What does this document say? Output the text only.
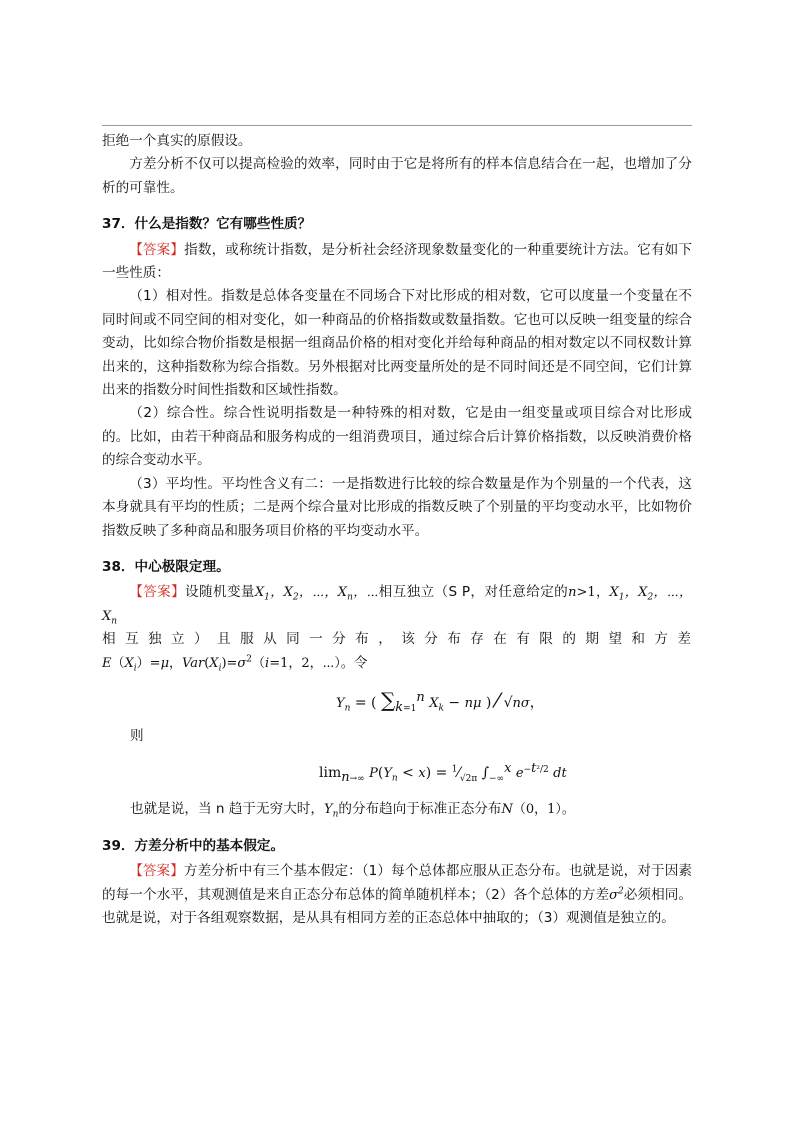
拒绝一个真实的原假设。

方差分析不仅可以提高检验的效率，同时由于它是将所有的样本信息结合在一起，也增加了分析的可靠性。

37．什么是指数？它有哪些性质？

【答案】指数，或称统计指数，是分析社会经济现象数量变化的一种重要统计方法。它有如下一些性质：

（1）相对性。指数是总体各变量在不同场合下对比形成的相对数，它可以度量一个变量在不同时间或不同空间的相对变化，如一种商品的价格指数或数量指数。它也可以反映一组变量的综合变动，比如综合物价指数是根据一组商品价格的相对变化并给每种商品的相对数定以不同权数计算出来的，这种指数称为综合指数。另外根据对比两变量所处的是不同时间还是不同空间，它们计算出来的指数分时间性指数和区域性指数。

（2）综合性。综合性说明指数是一种特殊的相对数，它是由一组变量或项目综合对比形成的。比如，由若干种商品和服务构成的一组消费项目，通过综合后计算价格指数，以反映消费价格的综合变动水平。

（3）平均性。平均性含义有二：一是指数进行比较的综合数量是作为个别量的一个代表，这本身就具有平均的性质；二是两个综合量对比形成的指数反映了个别量的平均变动水平，比如物价指数反映了多种商品和服务项目价格的平均变动水平。

38．中心极限定理。

【答案】设随机变量$X_1$，$X_2$，⋯，$X_n$，⋯相互独立（S P，对任意给定的n>1，$X_1$，$X_2$，⋯，$X_n$

相互独立）且服从同一分布，该分布存在有限的期望和方差

$E(X_i)=\mu$，$Var(X_i)=\sigma^2(i=1$，2，⋯）。令

$Y_n$ = ( $\sum_{k=1}^n$ $X_k - n\mu$ ) ⁄ √nσ，

则

$\lim_{n\to\infty} P(Y_n < x)$ = $^1⁄_{√2\pi}$ $\int_{-\infty}^x$ $e^{-t^2/2}$ dt

也就是说，当 n 趋于无穷大时，$Y_n$的分布趋向于标准正态分布N（0，1）。

39．方差分析中的基本假定。

【答案】方差分析中有三个基本假定：（1）每个总体都应服从正态分布。也就是说，对于因素的每一个水平，其观测值是来自正态分布总体的简单随机样本；（2）各个总体的方差$\sigma^2$必须相同。也就是说，对于各组观察数据，是从具有相同方差的正态总体中抽取的；（3）观测值是独立的。
